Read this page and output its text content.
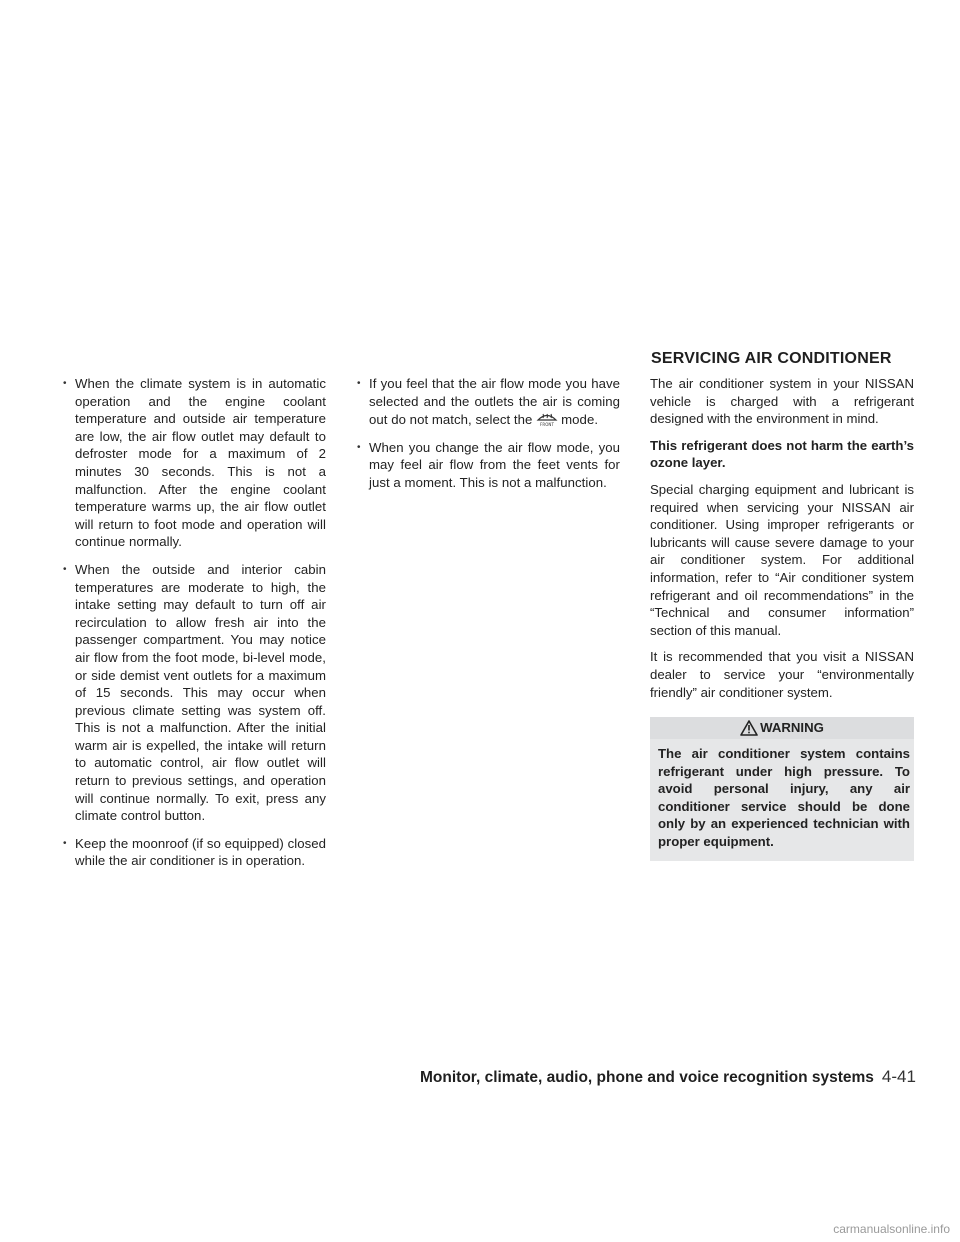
SERVICING AIR CONDITIONER
• When the climate system is in automatic operation and the engine coolant temperature and outside air temperature are low, the air flow outlet may default to defroster mode for a maximum of 2 minutes 30 seconds. This is not a malfunction. After the engine coolant temperature warms up, the air flow outlet will return to foot mode and operation will continue normally.
• When the outside and interior cabin temperatures are moderate to high, the intake setting may default to turn off air recirculation to allow fresh air into the passenger compartment. You may notice air flow from the foot mode, bi-level mode, or side demist vent outlets for a maximum of 15 seconds. This may occur when previous climate setting was system off. This is not a malfunction. After the initial warm air is expelled, the intake will return to automatic control, air flow outlet will return to previous settings, and operation will continue normally. To exit, press any climate control button.
• Keep the moonroof (if so equipped) closed while the air conditioner is in operation.
• If you feel that the air flow mode you have selected and the outlets the air is coming out do not match, select the FRONT mode.
• When you change the air flow mode, you may feel air flow from the feet vents for just a moment. This is not a malfunction.

The air conditioner system in your NISSAN vehicle is charged with a refrigerant designed with the environment in mind.

This refrigerant does not harm the earth’s ozone layer.

Special charging equipment and lubricant is required when servicing your NISSAN air conditioner. Using improper refrigerants or lubricants will cause severe damage to your air conditioner system. For additional information, refer to “Air conditioner system refrigerant and oil recommendations” in the “Technical and consumer information” section of this manual.

It is recommended that you visit a NISSAN dealer to service your “environmentally friendly” air conditioner system.

WARNING

The air conditioner system contains refrigerant under high pressure. To avoid personal injury, any air conditioner service should be done only by an experienced technician with proper equipment.

Monitor, climate, audio, phone and voice recognition systems 4-41
carmanualsonline.info
